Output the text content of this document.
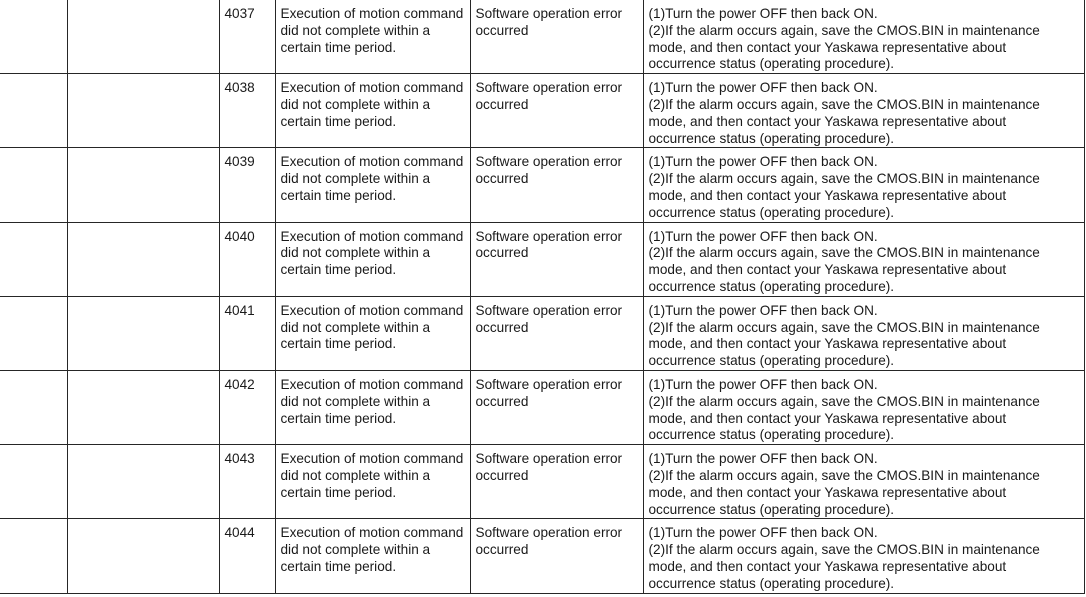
		4037	Execution of motion command
did not complete within a
certain time period.	Software operation error
occurred	(1)Turn the power OFF then back ON.
(2)If the alarm occurs again, save the CMOS.BIN in maintenance
mode, and then contact your Yaskawa representative about
occurrence status (operating procedure).

		4038	Execution of motion command
did not complete within a
certain time period.	Software operation error
occurred	(1)Turn the power OFF then back ON.
(2)If the alarm occurs again, save the CMOS.BIN in maintenance
mode, and then contact your Yaskawa representative about
occurrence status (operating procedure).

		4039	Execution of motion command
did not complete within a
certain time period.	Software operation error
occurred	(1)Turn the power OFF then back ON.
(2)If the alarm occurs again, save the CMOS.BIN in maintenance
mode, and then contact your Yaskawa representative about
occurrence status (operating procedure).

		4040	Execution of motion command
did not complete within a
certain time period.	Software operation error
occurred	(1)Turn the power OFF then back ON.
(2)If the alarm occurs again, save the CMOS.BIN in maintenance
mode, and then contact your Yaskawa representative about
occurrence status (operating procedure).

		4041	Execution of motion command
did not complete within a
certain time period.	Software operation error
occurred	(1)Turn the power OFF then back ON.
(2)If the alarm occurs again, save the CMOS.BIN in maintenance
mode, and then contact your Yaskawa representative about
occurrence status (operating procedure).

		4042	Execution of motion command
did not complete within a
certain time period.	Software operation error
occurred	(1)Turn the power OFF then back ON.
(2)If the alarm occurs again, save the CMOS.BIN in maintenance
mode, and then contact your Yaskawa representative about
occurrence status (operating procedure).

		4043	Execution of motion command
did not complete within a
certain time period.	Software operation error
occurred	(1)Turn the power OFF then back ON.
(2)If the alarm occurs again, save the CMOS.BIN in maintenance
mode, and then contact your Yaskawa representative about
occurrence status (operating procedure).

		4044	Execution of motion command
did not complete within a
certain time period.	Software operation error
occurred	(1)Turn the power OFF then back ON.
(2)If the alarm occurs again, save the CMOS.BIN in maintenance
mode, and then contact your Yaskawa representative about
occurrence status (operating procedure).
